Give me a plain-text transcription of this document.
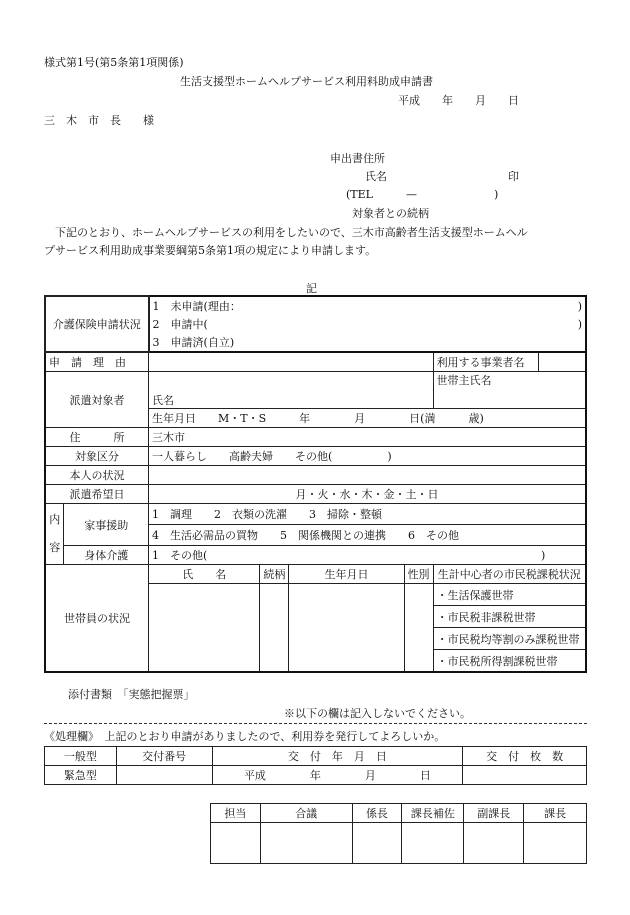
様式第1号(第5条第1項関係)
生活支援型ホームヘルプサービス利用料助成申請書
平成　　年　　月　　日
三　木　市　長　　様
申出書住所
氏名	印
(TEL　　　—　　　　　　　)
対象者との続柄
　下記のとおり、ホームヘルプサービスの利用をしたいので、三木市高齢者生活支援型ホームヘル
プサービス利用助成事業要綱第5条第1項の規定により申請します。
記
介護保険申請状況		1　未申請(理由：					)
		2　申請中(					)
		3　申請済(自立)					
申　請　理　由						利用する事業者名	
派遣対象者		氏名				世帯主氏名	
		生年月日　　M・T・S　　　年　　　　月　　　　日(満　　　歳)					
住　　　所		三木市					
対象区分		一人暮らし　　高齢夫婦　　その他(　　　　　)					
本人の状況							
派遣希望日		月・火・水・木・金・土・日					
内
容	家事援助	1　調理　　2　衣類の洗濯　　3　掃除・整頓					
		4　生活必需品の買物　　5　関係機関との連携　　6　その他					
	身体介護	1　その他(					)
世帯員の状況		氏　　名	続柄	生年月日	性別	生計中心者の市民税課税状況	
						・生活保護世帯	
						・市民税非課税世帯	
						・市民税均等割のみ課税世帯	
						・市民税所得割課税世帯	
添付書類　「実態把握票」
※以下の欄は記入しないでください。
《処理欄》　上記のとおり申請がありましたので、利用券を発行してよろしいか。
一般型	交付番号	交　付　年　月　日	交　付　枚　数
緊急型		平成　　　　年　　　　月　　　　日	
担当	合議	係長	課長補佐	副課長	課長
